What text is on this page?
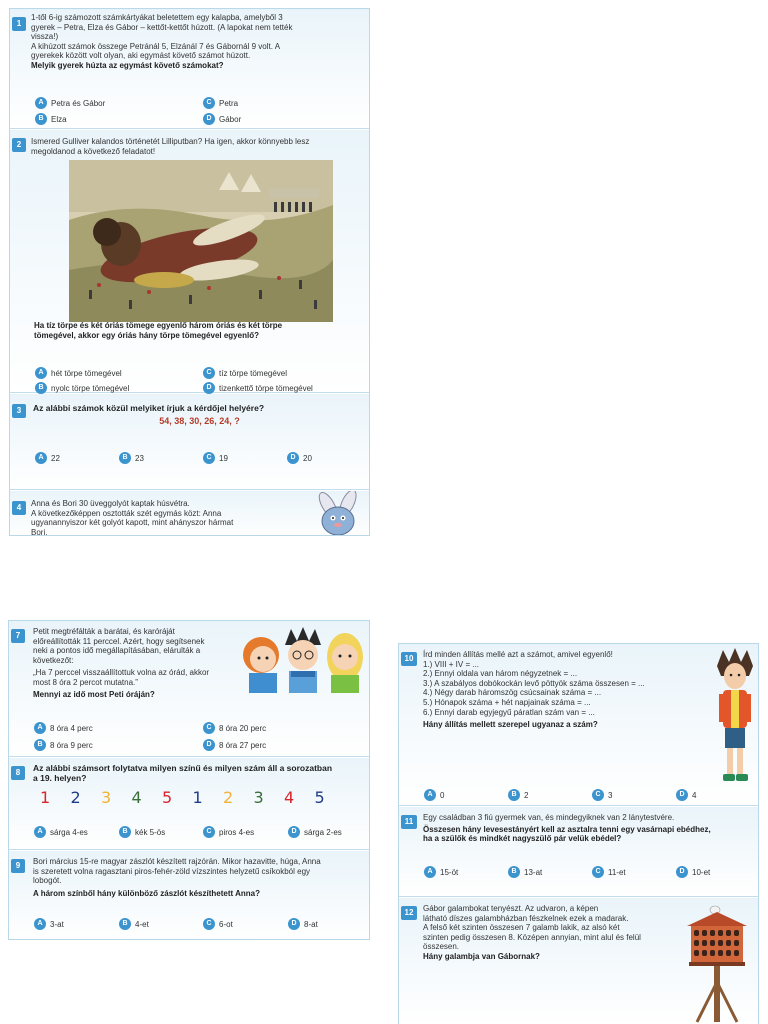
1
1-től 6-ig számozott számkártyákat beletettem egy kalapba, amelyből 3
gyerek – Petra, Elza és Gábor – kettőt-kettőt húzott. (A lapokat nem tették
vissza!)
A kihúzott számok összege Petránál 5, Elzánál 7 és Gábornál 9 volt. A
gyerekek között volt olyan, aki egymást követő számot húzott.
Melyik gyerek húzta az egymást követő számokat?
A Petra és Gábor
B Elza
C Petra
D Gábor
2	Ismered Gulliver kalandos történetét Lilliputban? Ha igen, akkor könnyebb lesz
megoldanod a következő feladatot!
Ha tíz törpe és két óriás tömege egyenlő három óriás és két törpe
tömegével, akkor egy óriás hány törpe tömegével egyenlő?
A hét törpe tömegével
B nyolc törpe tömegével
C tíz törpe tömegével
D tizenkettő törpe tömegével
3	Az alábbi számok közül melyiket írjuk a kérdőjel helyére?
54, 38, 30, 26, 24, ?
A 22	B 23	C 19	D 20
4	Anna és Bori 30 üveggolyót kaptak húsvétra.
A következőképpen osztották szét egymás közt: Anna
ugyanannyiszor két golyót kapott, mint ahányszor hármat
Bori.
7	Petit megtréfálták a barátai, és karóráját
előreállították 11 perccel. Azért, hogy segítsenek
neki a pontos idő megállapításában, elárulták a
következőt:
„Ha 7 perccel visszaállítottuk volna az órád, akkor
most 8 óra 2 percot mutatna.”
Mennyi az idő most Peti óráján?
A 8 óra 4 perc
B 8 óra 9 perc
C 8 óra 20 perc
D 8 óra 27 perc
8	Az alábbi számsort folytatva milyen színű és milyen szám áll a sorozatban
a 19. helyen?
1 2 3 4 5 1 2 3 4 5
A sárga 4-es	B kék 5-ös	C piros 4-es	D sárga 2-es
9	Bori március 15-re magyar zászlót készített rajzórán. Mikor hazavitte, húga, Anna
is szeretett volna ragasztani piros-fehér-zöld vízszintes helyzetű csíkokból egy
lobogót.
A három színből hány különböző zászlót készíthetett Anna?
A 3-at	B 4-et	C 6-ot	D 8-at
10	Írd minden állítás mellé azt a számot, amivel egyenlő!
1.) VIII + IV = ...
2.) Ennyi oldala van három négyzetnek = ...
3.) A szabályos dobókockán levő pöttyök száma összesen = ...
4.) Négy darab háromszög csúcsainak száma = ...
5.) Hónapok száma + hét napjainak száma = ...
6.) Ennyi darab egyjegyű páratlan szám van = ...
Hány állítás mellett szerepel ugyanaz a szám?
A 0	B 2	C 3	D 4
11	Egy családban 3 fiú gyermek van, és mindegyiknek van 2 lánytestvére.
Összesen hány levesestányért kell az asztalra tenni egy vasárnapi ebédhez,
ha a szülők és mindkét nagyszülő pár velük ebédel?
A 15-öt	B 13-at	C 11-et	D 10-et
12	Gábor galambokat tenyészt. Az udvaron, a képen
látható díszes galambházban fészkelnek ezek a madarak.
A felső két szinten összesen 7 galamb lakik, az alsó két
szinten pedig összesen 8. Középen annyian, mint alul és felül
összesen.
Hány galambja van Gábornak?
